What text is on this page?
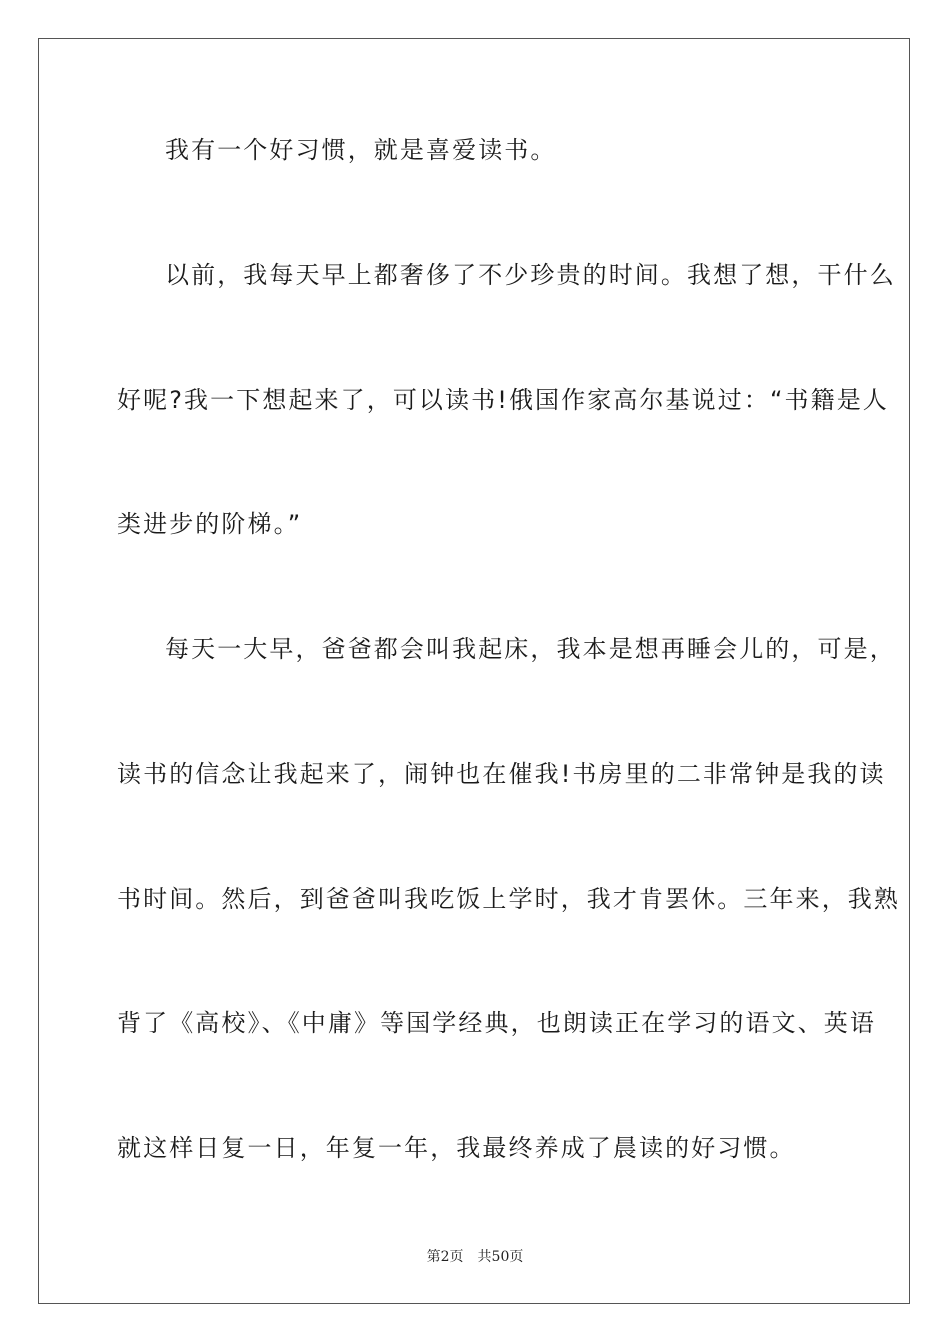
我有一个好习惯，就是喜爱读书。
以前，我每天早上都奢侈了不少珍贵的时间。我想了想，干什么
好呢?我一下想起来了，可以读书!俄国作家高尔基说过：“书籍是人
类进步的阶梯。”
每天一大早，爸爸都会叫我起床，我本是想再睡会儿的，可是，
读书的信念让我起来了，闹钟也在催我!书房里的二非常钟是我的读
书时间。然后，到爸爸叫我吃饭上学时，我才肯罢休。三年来，我熟
背了《高校》、《中庸》等国学经典，也朗读正在学习的语文、英语
就这样日复一日，年复一年，我最终养成了晨读的好习惯。
第2页 共50页
